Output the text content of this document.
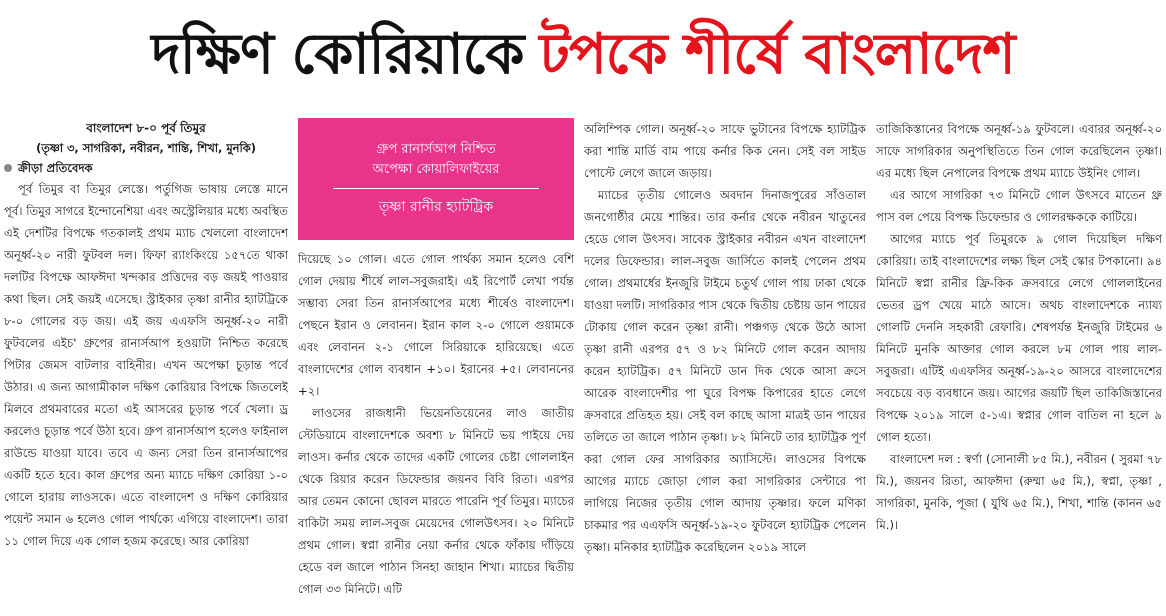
দক্ষিণ কোরিয়াকে টপকে শীর্ষে বাংলাদেশ
বাংলাদেশ ৮-০ পূর্ব তিমুর
(তৃষ্ণা ৩, সাগরিকা, নবীরন, শান্তি, শিখা, মুনকি)
ক্রীড়া প্রতিবেদক

পূর্ব তিমুর বা তিমুর লেস্তে। পর্তুগিজ ভাষায় লেস্তে মানে পূর্ব। তিমুর সাগরে ইন্দোনেশিয়া এবং অস্ট্রেলিয়ার মধ্যে অবস্থিত এই দেশটির বিপক্ষে গতকালই প্রথম ম্যাচ খেললো বাংলাদেশ অনূর্ধ্ব-২০ নারী ফুটবল দল। ফিফা র‍্যাংকিংয়ে ১৫৭তে থাকা দলটির বিপক্ষে আফঈদা খন্দকার প্রত্তিদের বড় জয়ই পাওয়ার কথা ছিল। সেই জয়ই এসেছে। স্ট্রাইকার তৃষ্ণা রানীর হ্যাটট্রিকে ৮-০ গোলের বড় জয়। এই জয় এএফসি অনূর্ধ্ব-২০ নারী ফুটবলের এইচ' গ্রুপের রানার্সআপ হওয়াটা নিশ্চিত করেছে পিটার জেমস বাটলার বাহিনীর। এখন অপেক্ষা চূড়ান্ত পর্বে উঠার। এ জন্য আগামীকাল দক্ষিণ কোরিয়ার বিপক্ষে জিতলেই মিলবে প্রথমবারের মতো এই আসরের চূড়ান্ত পর্বে খেলা। ড্র করলেও চূড়ান্ত পর্বে উঠা হবে। গ্রুপ রানার্সআপ হলেও ফাইনাল রাউন্ডে যাওয়া যাবে। তবে এ জন্য সেরা তিন রানার্সআপের একটি হতে হবে। কাল গ্রুপের অন্য ম্যাচে দক্ষিণ কোরিয়া ১-০ গোলে হারায় লাওসকে। এতে বাংলাদেশ ও দক্ষিণ কোরিয়ার পয়েন্ট সমান ৬ হলেও গোল পার্থক্যে এগিয়ে বাংলাদেশ। তারা ১১ গোল দিয়ে এক গোল হজম করেছে। আর কোরিয়া

গ্রুপ রানার্সআপ নিশ্চিত
অপেক্ষা কোয়ালিফাইয়ের
তৃষ্ণা রানীর হ্যাটট্রিক

দিয়েছে ১০ গোল। এতে গোল পার্থক্য সমান হলেও বেশি গোল দেয়ায় শীর্ষে লাল-সবুজরাই। এই রিপোর্ট লেখা পর্যন্ত সম্ভাব্য সেরা তিন রানার্সআপের মধ্যে শীর্ষেও বাংলাদেশ। পেছনে ইরান ও লেবানন। ইরান কাল ২-০ গোলে গুয়ামকে এবং লেবানন ২-১ গোলে সিরিয়াকে হারিয়েছে। এতে বাংলাদেশের গোল ব্যবধান +১০। ইরানের +৫। লেবাননের +২।

লাওসের রাজধানী ভিয়েনতিয়েনের লাও জাতীয় স্টেডিয়ামে বাংলাদেশকে অবশ্য ৮ মিনিটে ভয় পাইয়ে দেয় লাওস। কর্নার থেকে তাদের একটি গোলের চেষ্টা গোললাইন থেকে রিয়ার করেন ডিফেন্ডার জয়নব বিবি রিতা। এরপর আর তেমন কোনো ছোবল মারতে পারেনি পূর্ব তিমুর। ম্যাচের বাকিটা সময় লাল-সবুজ মেয়েদের গোলউৎসব। ২০ মিনিটে প্রথম গোল। স্বপ্না রানীর নেয়া কর্নার থেকে ফাঁকায় দাঁড়িয়ে হেডে বল জালে পাঠান সিনহা জাহান শিখা। ম্যাচের দ্বিতীয় গোল ৩৩ মিনিটে। এটি

অলিম্পিক গোল। অনূর্ধ্ব-২০ সাফে ভুটানের বিপক্ষে হ্যাটট্রিক করা শান্তি মার্ডি বাম পায়ে কর্নার কিক নেন। সেই বল সাইড পোস্টে লেগে জালে জড়ায়।

ম্যাচের তৃতীয় গোলেও অবদান দিনাজপুরের সাঁওতাল জনগোষ্ঠীর মেয়ে শান্তির। তার কর্নার থেকে নবীরন খাতুনের হেডে গোল উৎসব। সাবেক স্ট্রাইকার নবীরন এখন বাংলাদেশ দলের ডিফেন্ডার। লাল-সবুজ জার্সিতে কালই পেলেন প্রথম গোল। প্রথমার্ধের ইনজুরি টাইমে চতুর্থ গোল পায় ঢাকা থেকে যাওয়া দলটি। সাগরিকার পাস থেকে দ্বিতীয় চেষ্টায় ডান পায়ের টোকায় গোল করেন তৃষ্ণা রানী। পঞ্চগড় থেকে উঠে আসা তৃষ্ণা রানী এরপর ৫৭ ও ৮২ মিনিটে গোল করেন আদায় করেন হ্যাটট্রিক। ৫৭ মিনিটে ডান দিক থেকে আসা ক্রসে আরেক বাংলাদেশীর পা ঘুরে বিপক্ষ কিপারের হাতে লেগে ক্রসবারে প্রতিহত হয়। সেই বল কাছে আসা মাত্রই ডান পায়ের তলিতে তা জালে পাঠান তৃষ্ণা। ৮২ মিনিটে তার হ্যাটট্রিক পূর্ণ করা গোল ফের সাগরিকার অ্যাসিস্টে। লাওসের বিপক্ষে আগের ম্যাচে জোড়া গোল করা সাগরিকার সেন্টারে পা লাগিয়ে নিজের তৃতীয় গোল আদায় তৃষ্ণার। ফলে মণিকা চাকমার পর এএফসি অনূর্ধ্ব-১৯-২০ ফুটবলে হ্যাটট্রিক পেলেন তৃষ্ণা। মনিকার হ্যাটট্রিক করেছিলেন ২০১৯ সালে

তাজিকিস্তানের বিপক্ষে অনূর্ধ্ব-১৯ ফুটবলে। এবারর অনূর্ধ্ব-২০ সাফে সাগরিকার অনুপস্থিতিতে তিন গোল করেছিলেন তৃষ্ণা। এর মধ্যে ছিল নেপালের বিপক্ষে প্রথম ম্যাচে উইনিং গোল।

এর আগে সাগরিকা ৭৩ মিনিটে গোল উৎসবে মাতেন থ্রু পাস বল পেয়ে বিপক্ষ ডিফেন্ডার ও গোলরক্ষককে কাটিয়ে।

আগের ম্যাচে পূর্ব তিমুরকে ৯ গোল দিয়েছিল দক্ষিণ কোরিয়া। তাই বাংলাদেশের লক্ষ্য ছিল সেই স্কোর টপকানো। ৯৪ মিনিটে স্বপ্না রানীর ফ্রি-কিক ক্রসবারে লেগে গোললাইনের ভেতর ড্রপ খেয়ে মাঠে আসে। অথচ বাংলাদেশকে ন্যায্য গোলটি দেননি সহকারী রেফারি। শেষপর্যন্ত ইনজুরি টাইমের ৬ মিনিটে মুনকি আক্তার গোল করলে ৮ম গোল পায় লাল-সবুজরা। এটিই এএফসির অনূর্ধ্ব-১৯-২০ আসরে বাংলাদেশের সবচেয়ে বড় ব্যবধানে জয়। আগের জয়টি ছিল তাকিজিস্তানের বিপক্ষে ২০১৯ সালে ৫-১এ। স্বপ্নার গোল বাতিল না হলে ৯ গোল হতো।

বাংলাদেশ দল : স্বর্ণা (সোনালী ৮৫ মি.), নবীরন ( সুরমা ৭৮ মি.), জয়নব রিতা, আফঈদা (রুম্মা ৬৫ মি.), স্বপ্না, তৃষ্ণা , সাগরিকা, মুনকি, পূজা ( যুথি ৬৫ মি.), শিখা, শান্তি (কানন ৬৫ মি.)।
